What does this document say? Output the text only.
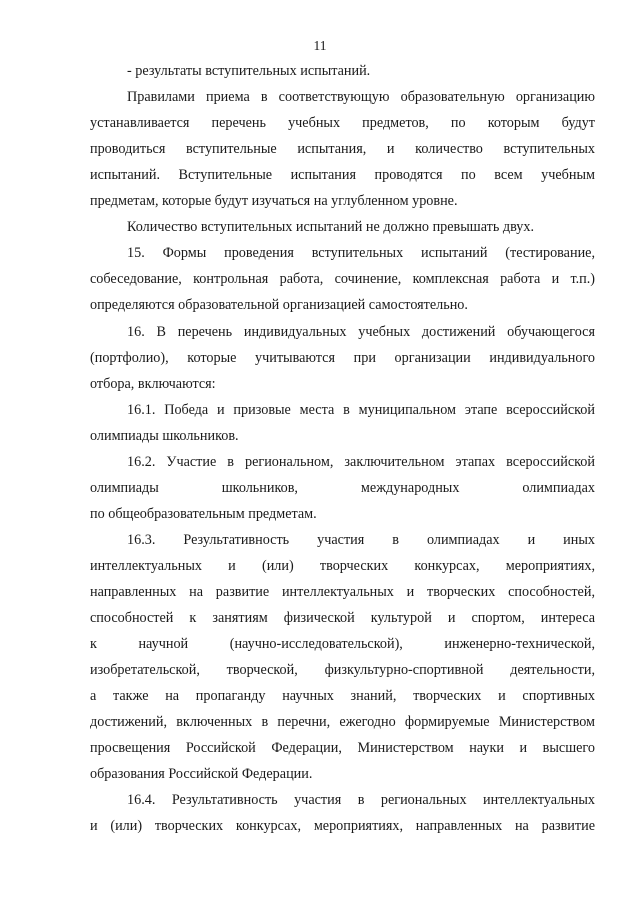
11
- результаты вступительных испытаний.
Правилами приема в соответствующую образовательную организацию
устанавливается перечень учебных предметов, по которым будут
проводиться вступительные испытания, и количество вступительных
испытаний. Вступительные испытания проводятся по всем учебным
предметам, которые будут изучаться на углубленном уровне.
Количество вступительных испытаний не должно превышать двух.
15. Формы проведения вступительных испытаний (тестирование,
собеседование, контрольная работа, сочинение, комплексная работа и т.п.)
определяются образовательной организацией самостоятельно.
16. В перечень индивидуальных учебных достижений обучающегося
(портфолио), которые учитываются при организации индивидуального
отбора, включаются:
16.1. Победа и призовые места в муниципальном этапе всероссийской
олимпиады школьников.
16.2. Участие в региональном, заключительном этапах всероссийской
олимпиады школьников, международных олимпиадах
по общеобразовательным предметам.
16.3. Результативность участия в олимпиадах и иных
интеллектуальных и (или) творческих конкурсах, мероприятиях,
направленных на развитие интеллектуальных и творческих способностей,
способностей к занятиям физической культурой и спортом, интереса
к научной (научно-исследовательской), инженерно-технической,
изобретательской, творческой, физкультурно-спортивной деятельности,
а также на пропаганду научных знаний, творческих и спортивных
достижений, включенных в перечни, ежегодно формируемые Министерством
просвещения Российской Федерации, Министерством науки и высшего
образования Российской Федерации.
16.4. Результативность участия в региональных интеллектуальных
и (или) творческих конкурсах, мероприятиях, направленных на развитие
